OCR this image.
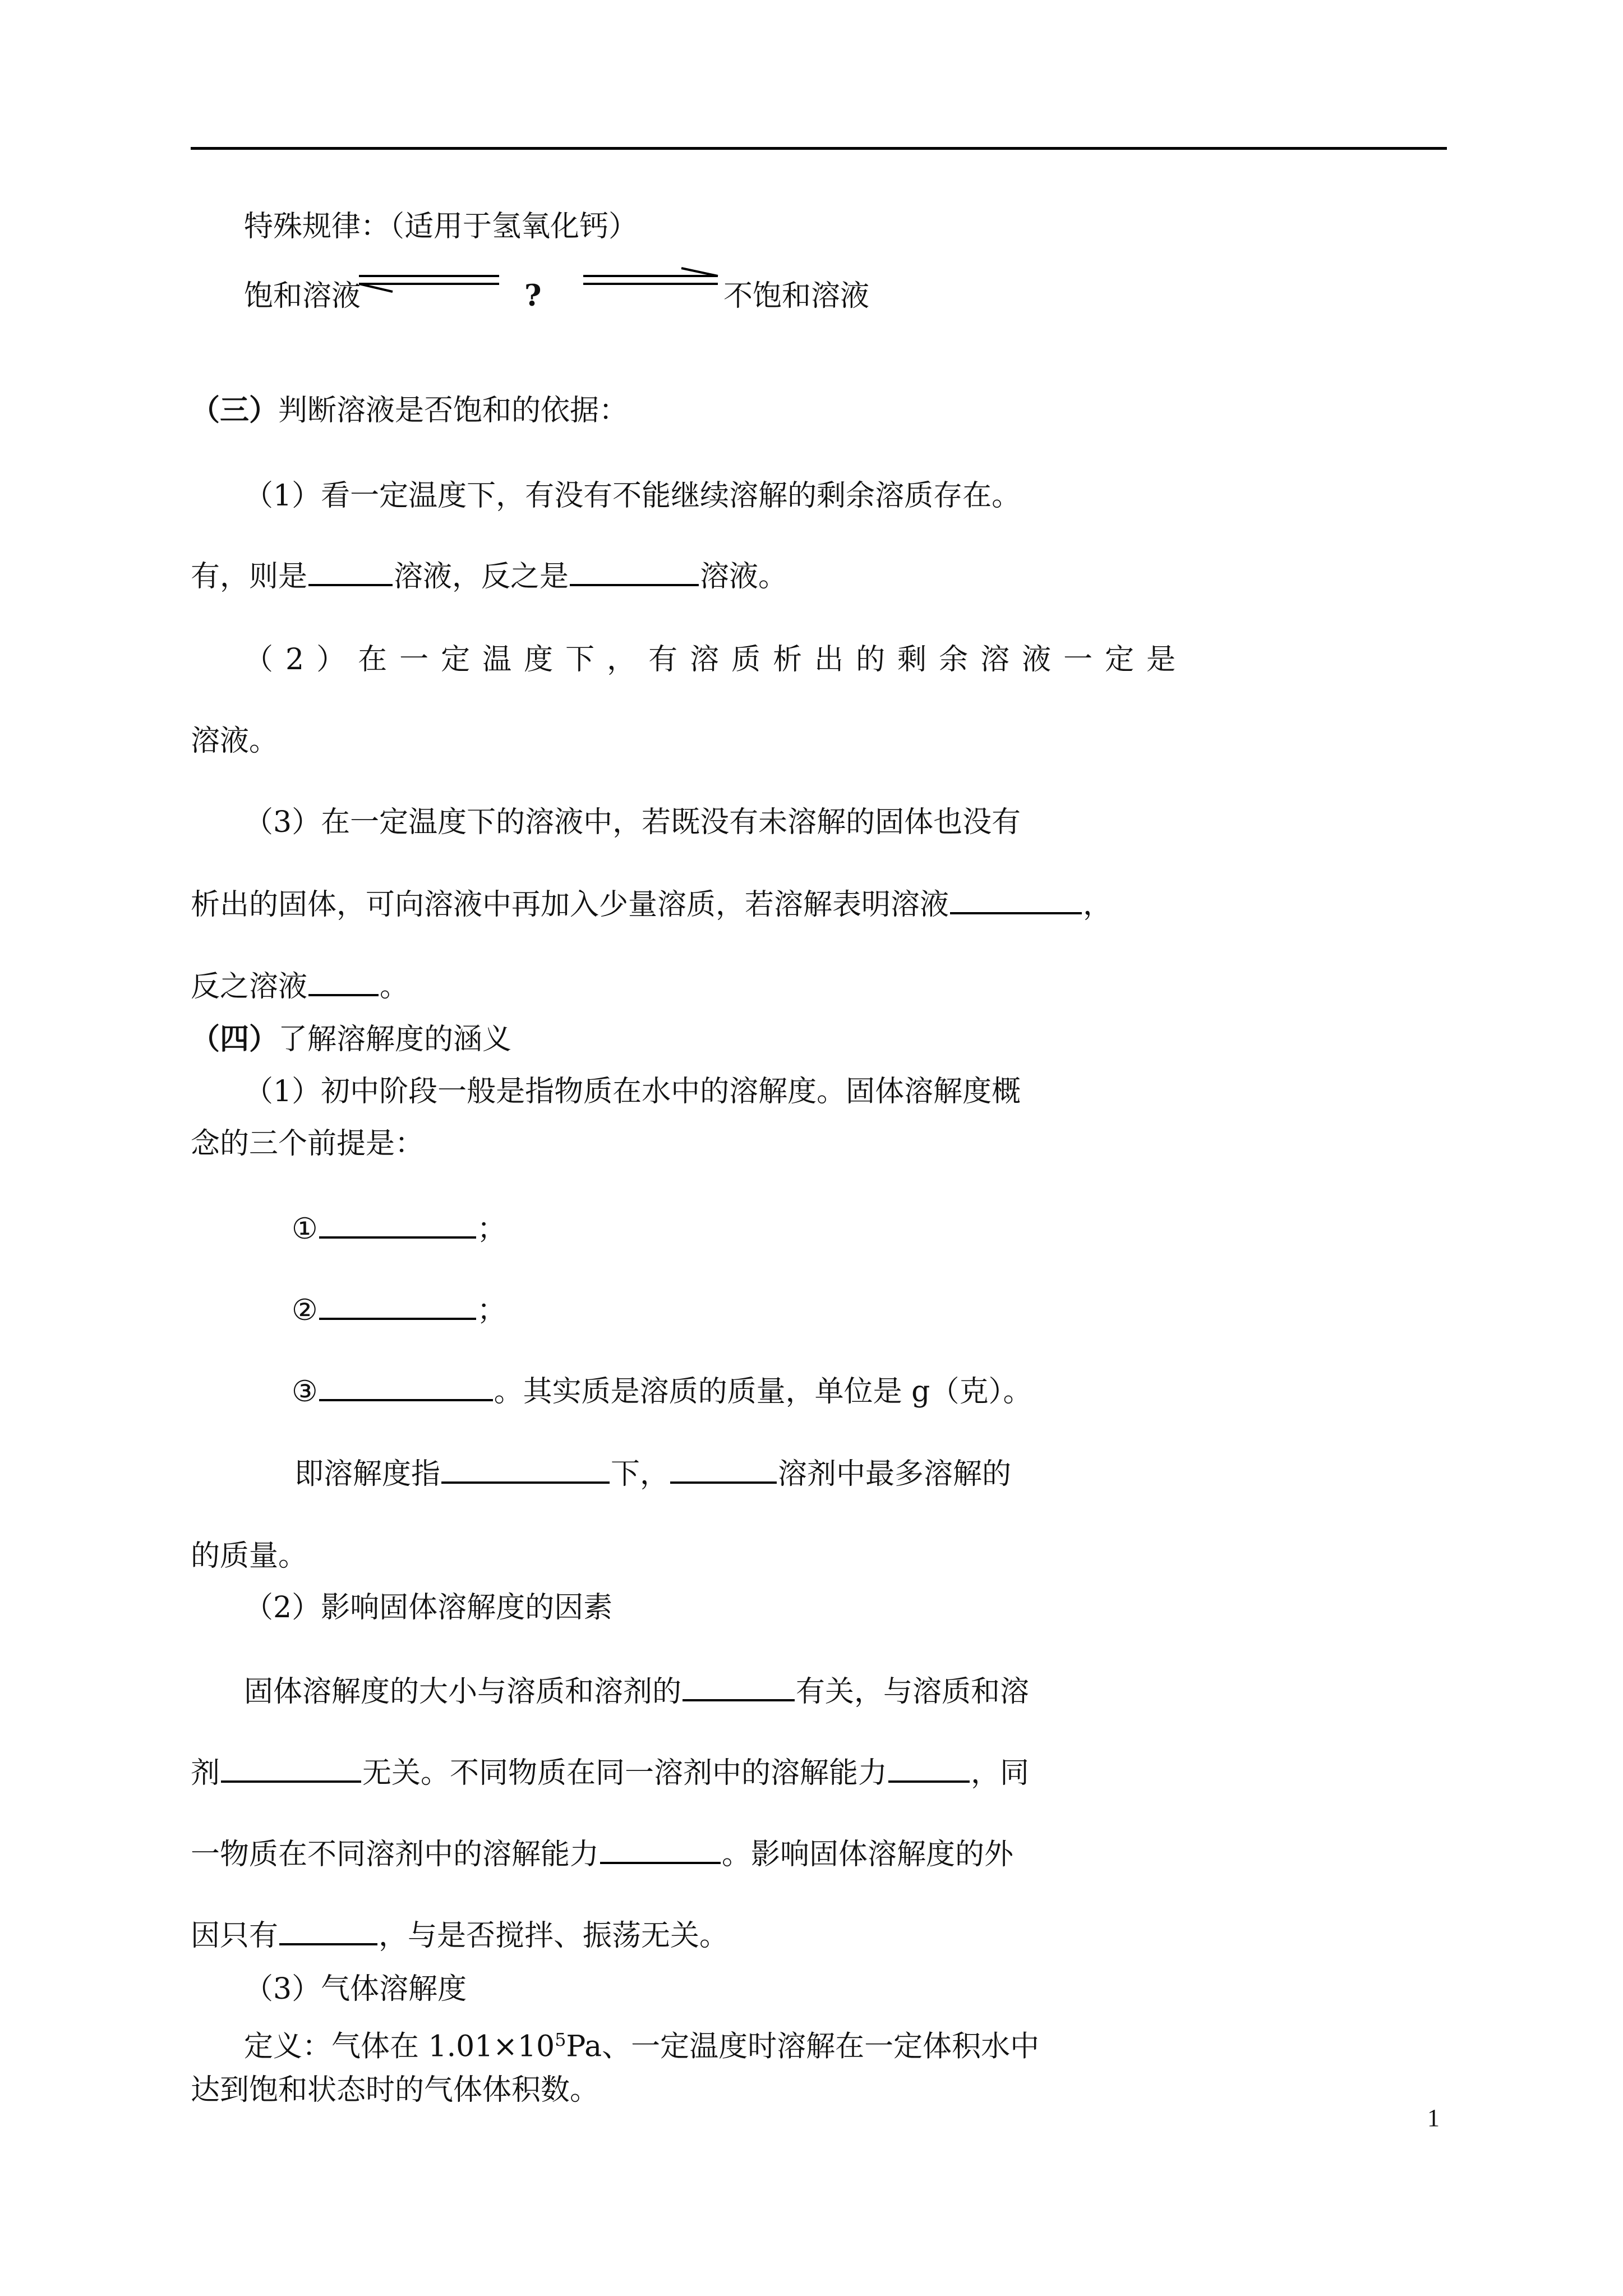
特殊规律：（适用于氢氧化钙）
饱和溶液	?	不饱和溶液
（三）判断溶液是否饱和的依据：
（1）看一定温度下，有没有不能继续溶解的剩余溶质存在。
有，则是	溶液，反之是	溶液。
（2）在一定温度下，有溶质析出的剩余溶液一定是
溶液。
（3）在一定温度下的溶液中，若既没有未溶解的固体也没有
析出的固体，可向溶液中再加入少量溶质，若溶解表明溶液	，
反之溶液 。
（四）了解溶解度的涵义
（1）初中阶段一般是指物质在水中的溶解度。固体溶解度概
念的三个前提是：
①	；
②	；
③	。其实质是溶质的质量，单位是 g（克）。
即溶解度指	下，	溶剂中最多溶解的
的质量。
（2）影响固体溶解度的因素
固体溶解度的大小与溶质和溶剂的	有关，与溶质和溶
剂	无关。不同物质在同一溶剂中的溶解能力	，同
一物质在不同溶剂中的溶解能力	。影响固体溶解度的外
因只有	，与是否搅拌、振荡无关。
（3）气体溶解度
定义：气体在 $1.01\times 10^5Pa$、一定温度时溶解在一定体积水中
达到饱和状态时的气体体积数。
1
